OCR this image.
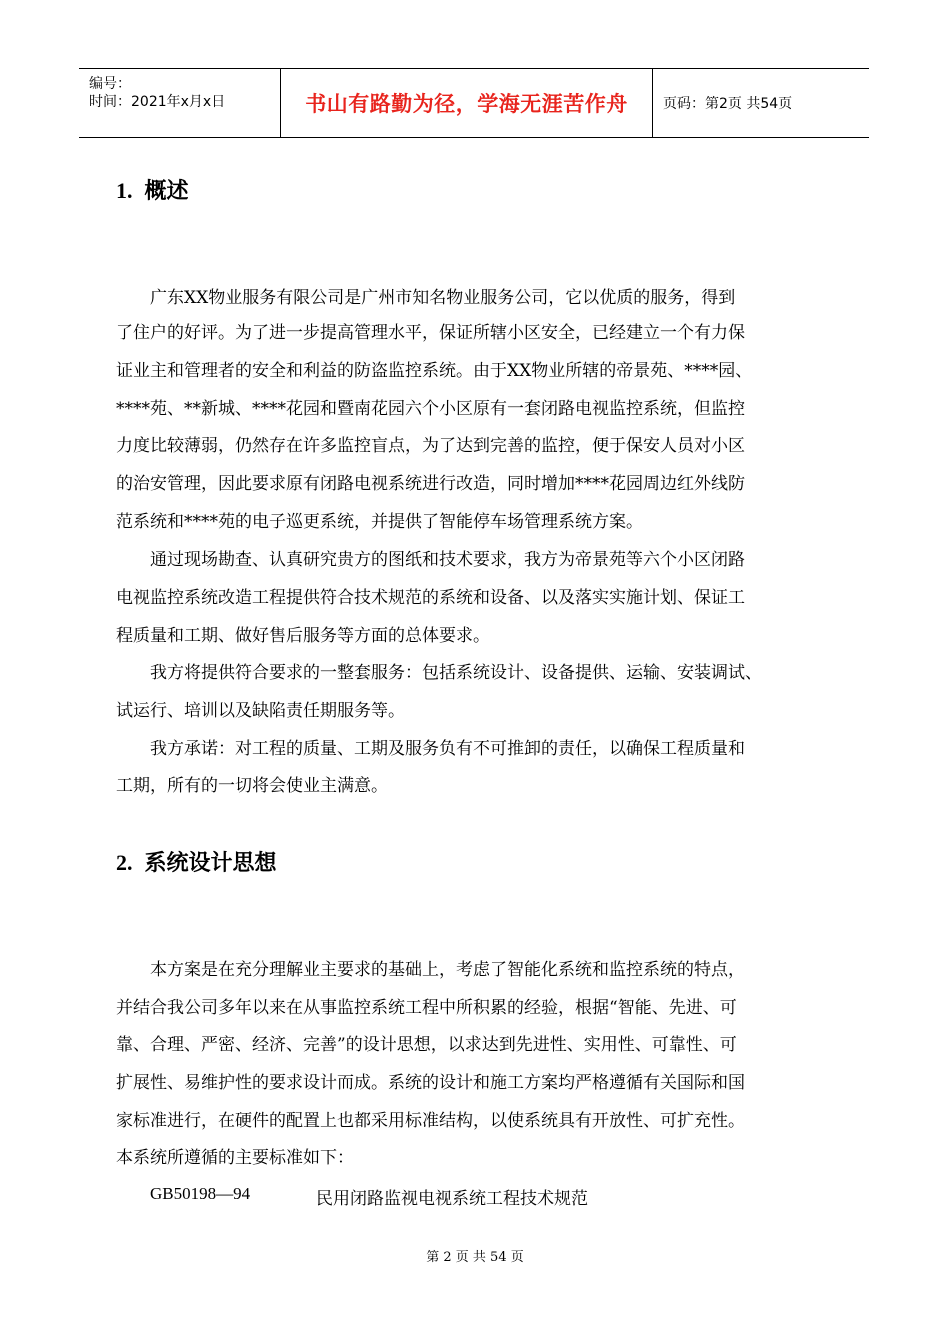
编号：
时间：2021年x月x日	书山有路勤为径，学海无涯苦作舟	页码：第2页 共54页
1. 概述
广东XX物业服务有限公司是广州市知名物业服务公司，它以优质的服务，得到
了住户的好评。为了进一步提高管理水平，保证所辖小区安全，已经建立一个有力保
证业主和管理者的安全和利益的防盗监控系统。由于XX物业所辖的帝景苑、****园、
****苑、**新城、****花园和暨南花园六个小区原有一套闭路电视监控系统，但监控
力度比较薄弱，仍然存在许多监控盲点，为了达到完善的监控，便于保安人员对小区
的治安管理，因此要求原有闭路电视系统进行改造，同时增加****花园周边红外线防
范系统和****苑的电子巡更系统，并提供了智能停车场管理系统方案。
通过现场勘查、认真研究贵方的图纸和技术要求，我方为帝景苑等六个小区闭路
电视监控系统改造工程提供符合技术规范的系统和设备、以及落实实施计划、保证工
程质量和工期、做好售后服务等方面的总体要求。
我方将提供符合要求的一整套服务：包括系统设计、设备提供、运输、安装调试、
试运行、培训以及缺陷责任期服务等。
我方承诺：对工程的质量、工期及服务负有不可推卸的责任，以确保工程质量和
工期，所有的一切将会使业主满意。
2. 系统设计思想
本方案是在充分理解业主要求的基础上，考虑了智能化系统和监控系统的特点，
并结合我公司多年以来在从事监控系统工程中所积累的经验，根据“智能、先进、可
靠、合理、严密、经济、完善”的设计思想，以求达到先进性、实用性、可靠性、可
扩展性、易维护性的要求设计而成。系统的设计和施工方案均严格遵循有关国际和国
家标准进行，在硬件的配置上也都采用标准结构，以使系统具有开放性、可扩充性。
本系统所遵循的主要标准如下：
GB50198—94	民用闭路监视电视系统工程技术规范
第 2 页 共 54 页
